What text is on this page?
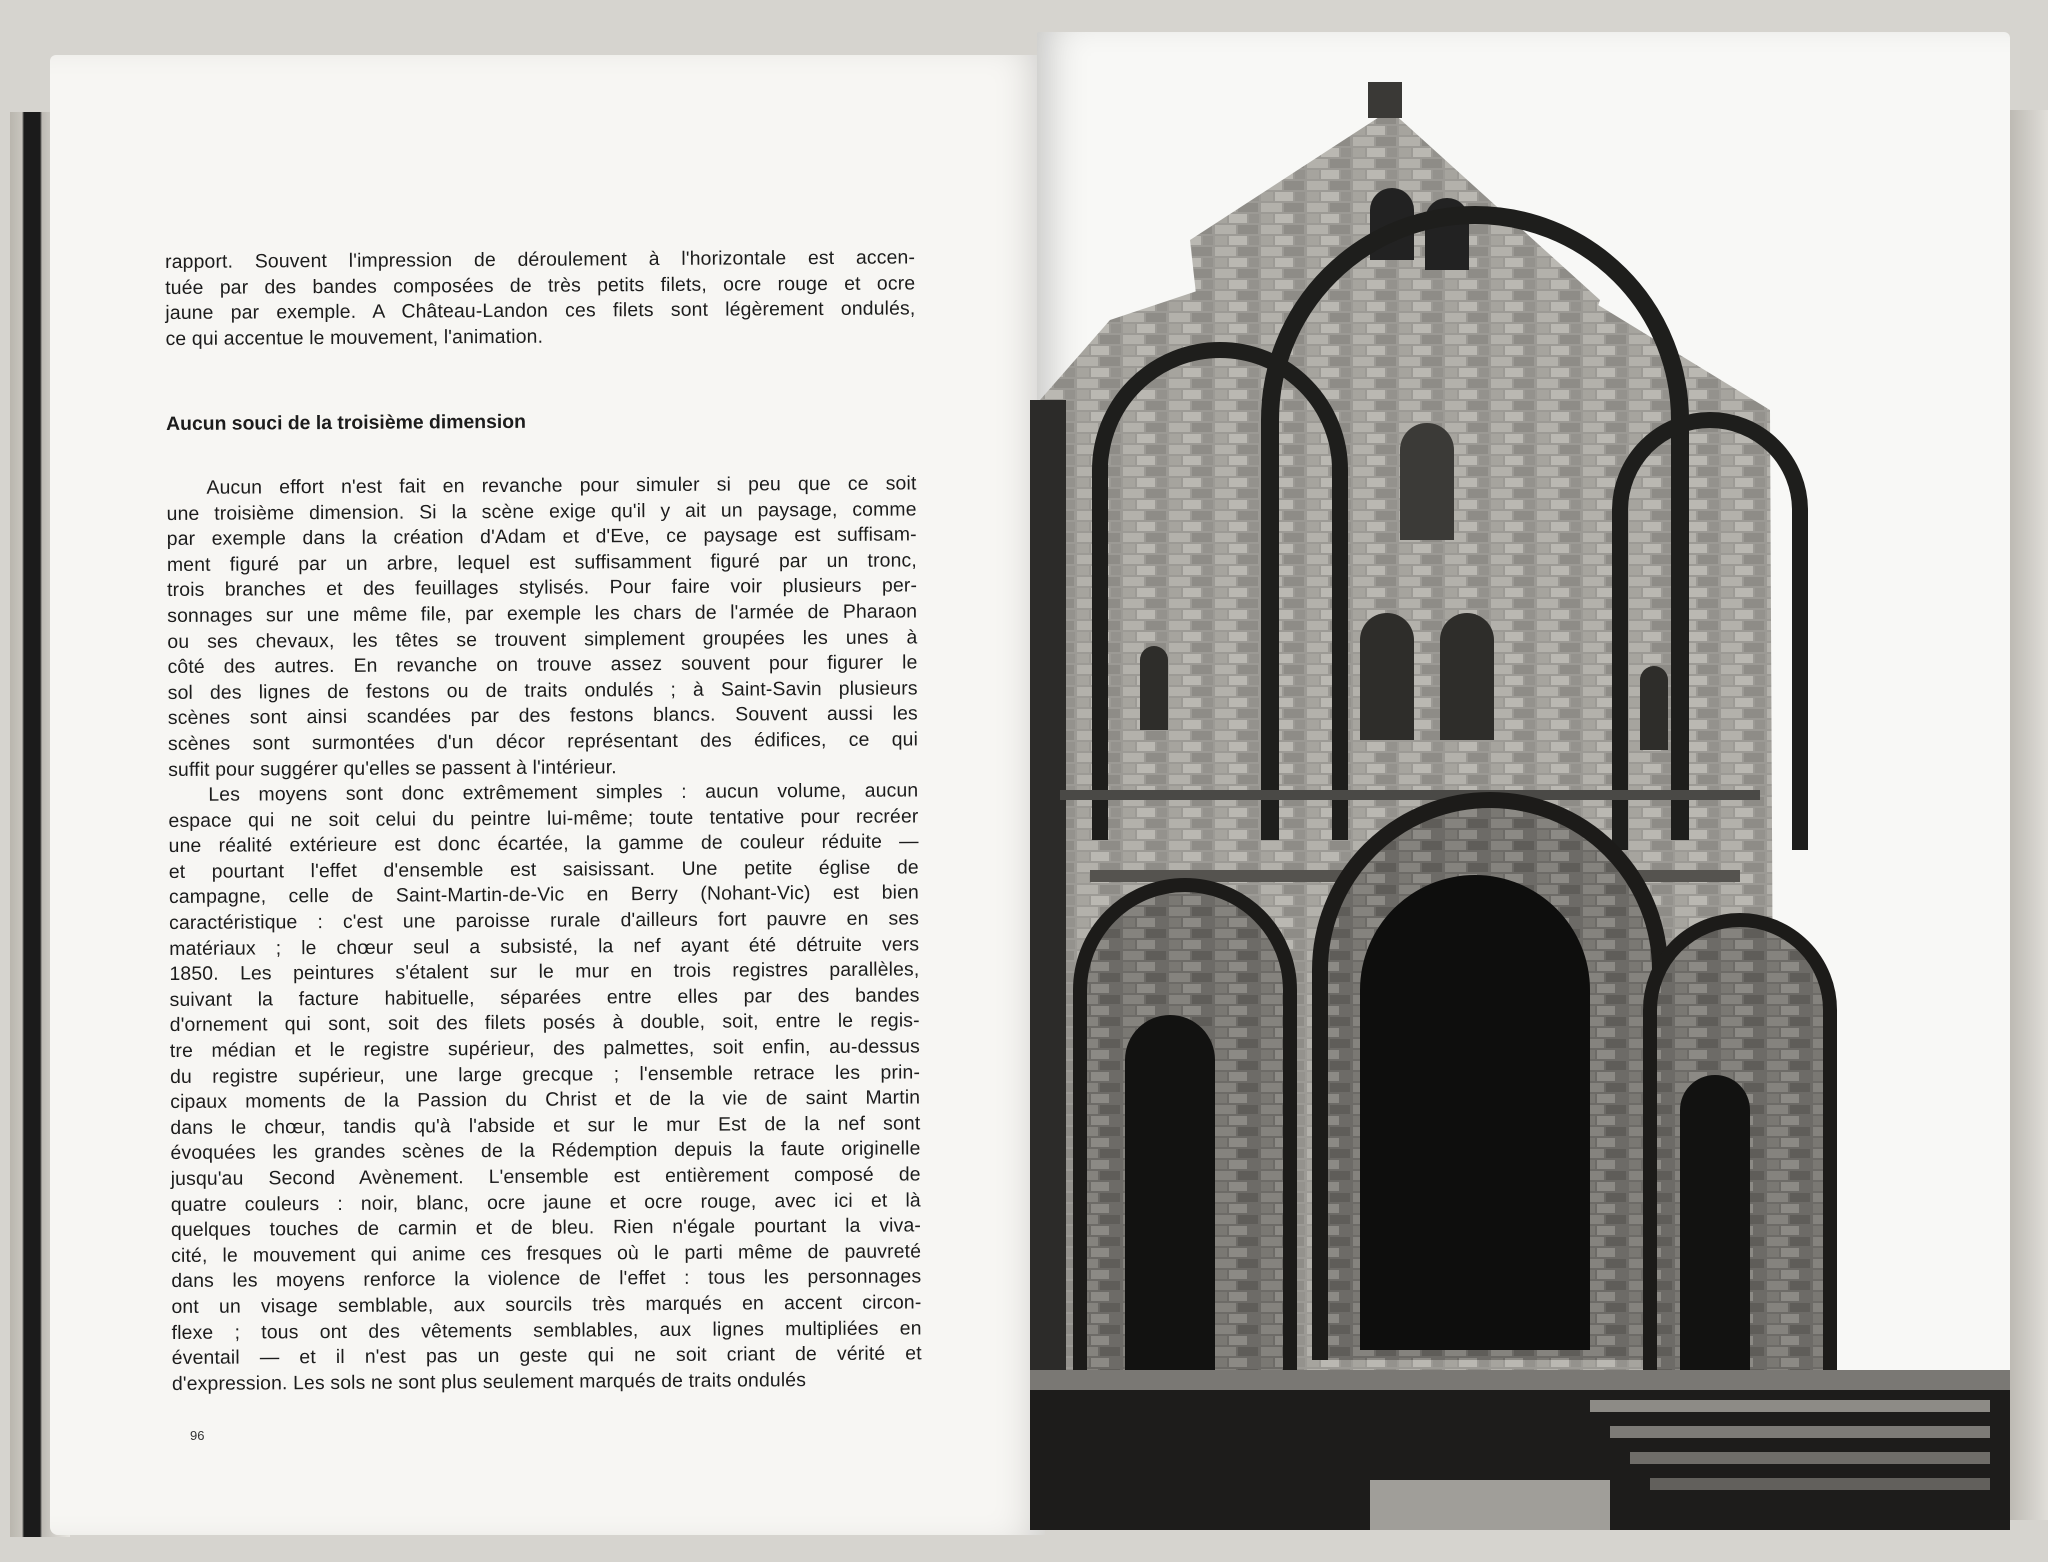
rapport. Souvent l'impression de déroulement à l'horizontale est accen-
tuée par des bandes composées de très petits filets, ocre rouge et ocre
jaune par exemple. A Château-Landon ces filets sont légèrement ondulés,
ce qui accentue le mouvement, l'animation.
Aucun souci de la troisième dimension
Aucun effort n'est fait en revanche pour simuler si peu que ce soit
une troisième dimension. Si la scène exige qu'il y ait un paysage, comme
par exemple dans la création d'Adam et d'Eve, ce paysage est suffisam-
ment figuré par un arbre, lequel est suffisamment figuré par un tronc,
trois branches et des feuillages stylisés. Pour faire voir plusieurs per-
sonnages sur une même file, par exemple les chars de l'armée de Pharaon
ou ses chevaux, les têtes se trouvent simplement groupées les unes à
côté des autres. En revanche on trouve assez souvent pour figurer le
sol des lignes de festons ou de traits ondulés ; à Saint-Savin plusieurs
scènes sont ainsi scandées par des festons blancs. Souvent aussi les
scènes sont surmontées d'un décor représentant des édifices, ce qui
suffit pour suggérer qu'elles se passent à l'intérieur.
Les moyens sont donc extrêmement simples : aucun volume, aucun
espace qui ne soit celui du peintre lui-même; toute tentative pour recréer
une réalité extérieure est donc écartée, la gamme de couleur réduite —
et pourtant l'effet d'ensemble est saisissant. Une petite église de
campagne, celle de Saint-Martin-de-Vic en Berry (Nohant-Vic) est bien
caractéristique : c'est une paroisse rurale d'ailleurs fort pauvre en ses
matériaux ; le chœur seul a subsisté, la nef ayant été détruite vers
1850. Les peintures s'étalent sur le mur en trois registres parallèles,
suivant la facture habituelle, séparées entre elles par des bandes
d'ornement qui sont, soit des filets posés à double, soit, entre le regis-
tre médian et le registre supérieur, des palmettes, soit enfin, au-dessus
du registre supérieur, une large grecque ; l'ensemble retrace les prin-
cipaux moments de la Passion du Christ et de la vie de saint Martin
dans le chœur, tandis qu'à l'abside et sur le mur Est de la nef sont
évoquées les grandes scènes de la Rédemption depuis la faute originelle
jusqu'au Second Avènement. L'ensemble est entièrement composé de
quatre couleurs : noir, blanc, ocre jaune et ocre rouge, avec ici et là
quelques touches de carmin et de bleu. Rien n'égale pourtant la viva-
cité, le mouvement qui anime ces fresques où le parti même de pauvreté
dans les moyens renforce la violence de l'effet : tous les personnages
ont un visage semblable, aux sourcils très marqués en accent circon-
flexe ; tous ont des vêtements semblables, aux lignes multipliées en
éventail — et il n'est pas un geste qui ne soit criant de vérité et
d'expression. Les sols ne sont plus seulement marqués de traits ondulés
96
